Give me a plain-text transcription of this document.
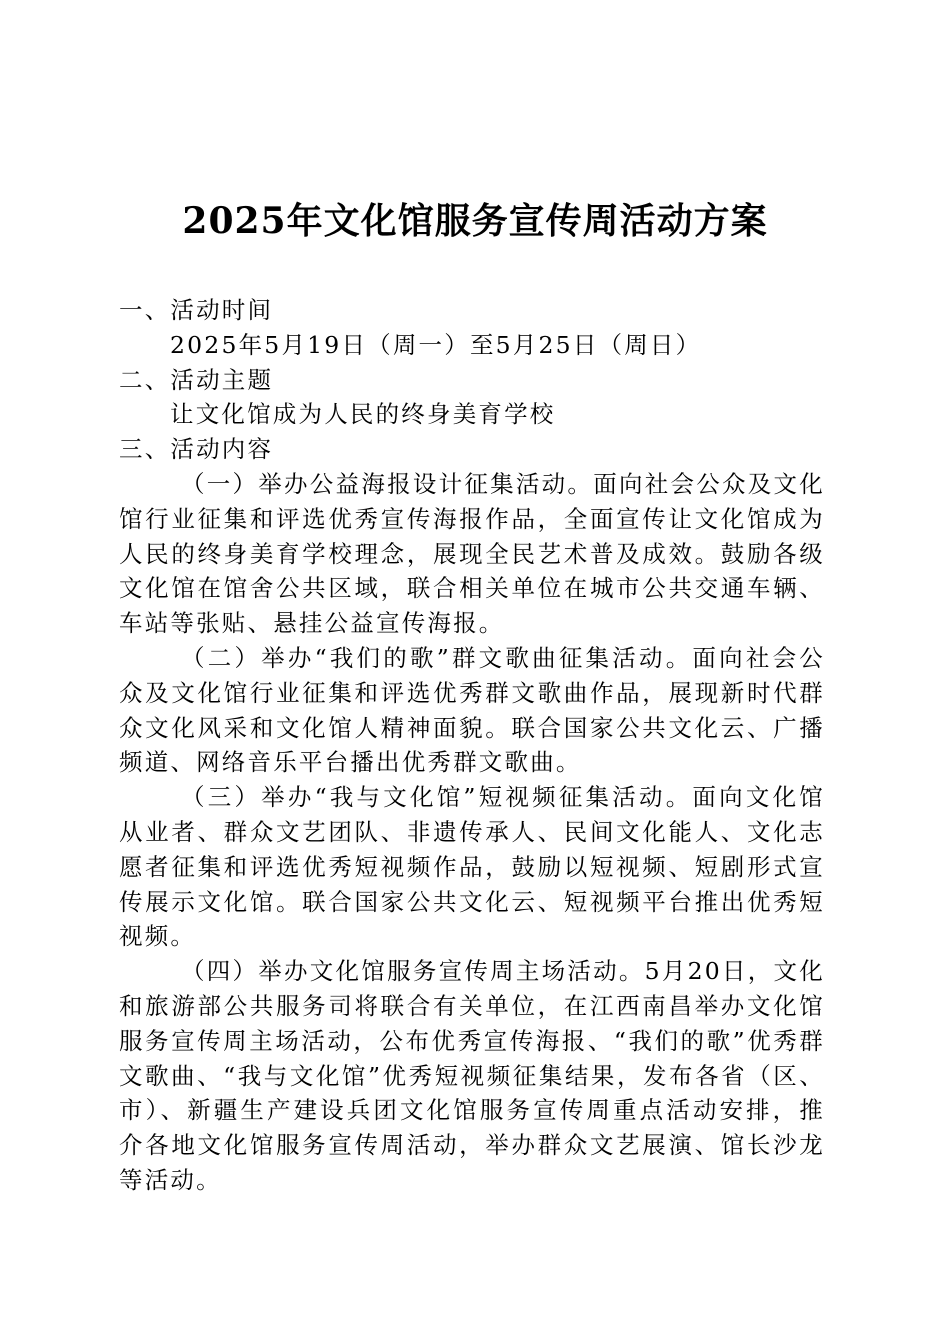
2025年文化馆服务宣传周活动方案

一、活动时间

2025年5月19日（周一）至5月25日（周日）

二、活动主题

让文化馆成为人民的终身美育学校

三、活动内容

（一）举办公益海报设计征集活动。面向社会公众及文化馆行业征集和评选优秀宣传海报作品，全面宣传让文化馆成为人民的终身美育学校理念，展现全民艺术普及成效。鼓励各级文化馆在馆舍公共区域，联合相关单位在城市公共交通车辆、车站等张贴、悬挂公益宣传海报。

（二）举办“我们的歌”群文歌曲征集活动。面向社会公众及文化馆行业征集和评选优秀群文歌曲作品，展现新时代群众文化风采和文化馆人精神面貌。联合国家公共文化云、广播频道、网络音乐平台播出优秀群文歌曲。

（三）举办“我与文化馆”短视频征集活动。面向文化馆从业者、群众文艺团队、非遗传承人、民间文化能人、文化志愿者征集和评选优秀短视频作品，鼓励以短视频、短剧形式宣传展示文化馆。联合国家公共文化云、短视频平台推出优秀短视频。

（四）举办文化馆服务宣传周主场活动。5月20日，文化和旅游部公共服务司将联合有关单位，在江西南昌举办文化馆服务宣传周主场活动，公布优秀宣传海报、“我们的歌”优秀群文歌曲、“我与文化馆”优秀短视频征集结果，发布各省（区、市）、新疆生产建设兵团文化馆服务宣传周重点活动安排，推介各地文化馆服务宣传周活动，举办群众文艺展演、馆长沙龙等活动。
